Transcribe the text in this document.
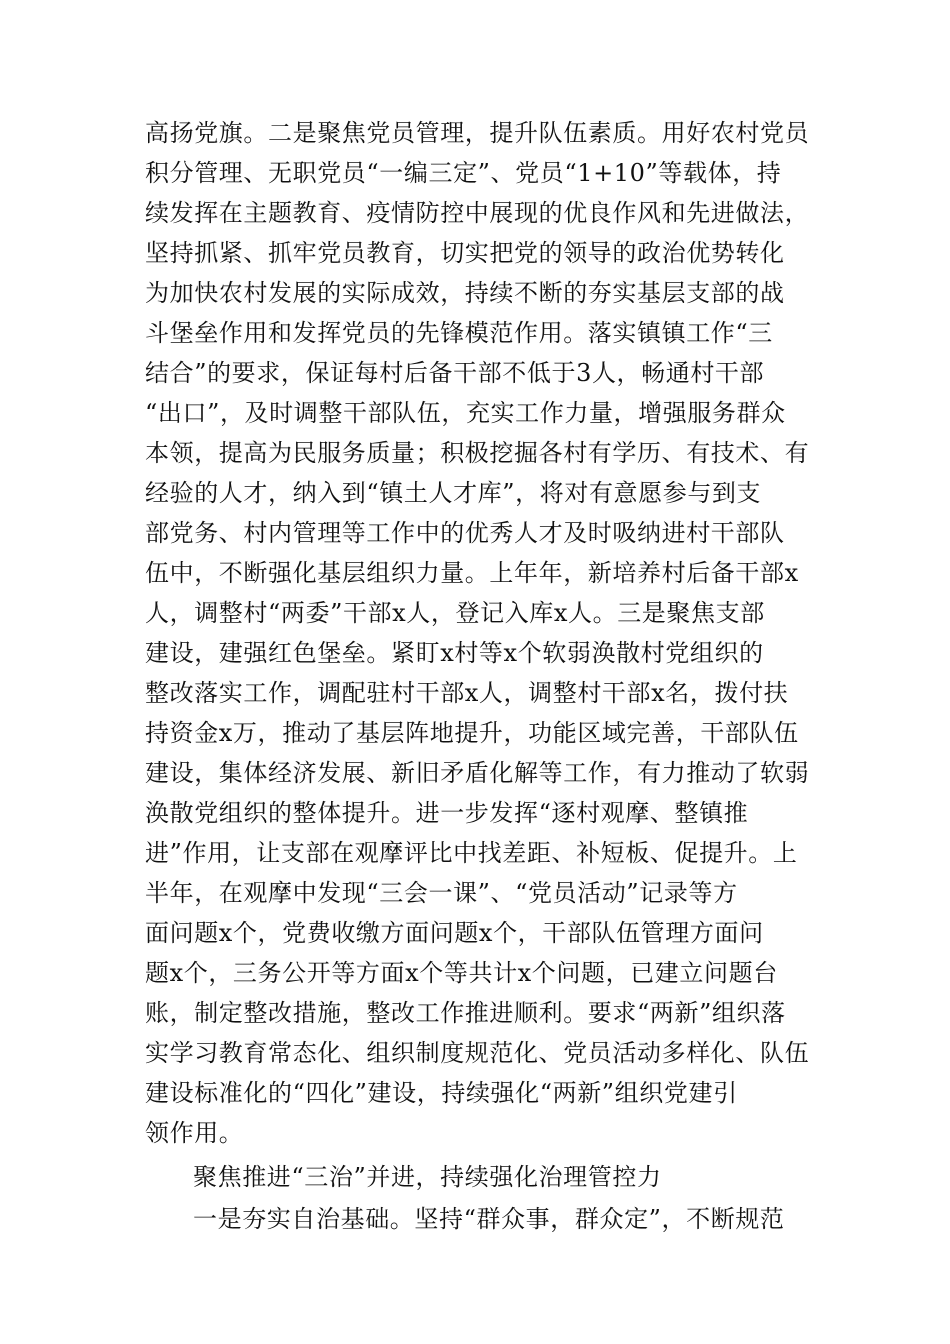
高扬党旗。二是聚焦党员管理，提升队伍素质。用好农村党员
积分管理、无职党员“一编三定”、党员“1+10”等载体，持
续发挥在主题教育、疫情防控中展现的优良作风和先进做法，
坚持抓紧、抓牢党员教育，切实把党的领导的政治优势转化
为加快农村发展的实际成效，持续不断的夯实基层支部的战
斗堡垒作用和发挥党员的先锋模范作用。落实镇镇工作“三
结合”的要求，保证每村后备干部不低于3人，畅通村干部
“出口”，及时调整干部队伍，充实工作力量，增强服务群众
本领，提高为民服务质量；积极挖掘各村有学历、有技术、有
经验的人才，纳入到“镇土人才库”，将对有意愿参与到支
部党务、村内管理等工作中的优秀人才及时吸纳进村干部队
伍中，不断强化基层组织力量。上年年，新培养村后备干部x
人，调整村“两委”干部x人，登记入库x人。三是聚焦支部
建设，建强红色堡垒。紧盯x村等x个软弱涣散村党组织的
整改落实工作，调配驻村干部x人，调整村干部x名，拨付扶
持资金x万，推动了基层阵地提升，功能区域完善，干部队伍
建设，集体经济发展、新旧矛盾化解等工作，有力推动了软弱
涣散党组织的整体提升。进一步发挥“逐村观摩、整镇推
进”作用，让支部在观摩评比中找差距、补短板、促提升。上
半年，在观摩中发现“三会一课”、“党员活动”记录等方
面问题x个，党费收缴方面问题x个，干部队伍管理方面问
题x个，三务公开等方面x个等共计x个问题，已建立问题台
账，制定整改措施，整改工作推进顺利。要求“两新”组织落
实学习教育常态化、组织制度规范化、党员活动多样化、队伍
建设标准化的“四化”建设，持续强化“两新”组织党建引
领作用。
聚焦推进“三治”并进，持续强化治理管控力
一是夯实自治基础。坚持“群众事，群众定”，不断规范
